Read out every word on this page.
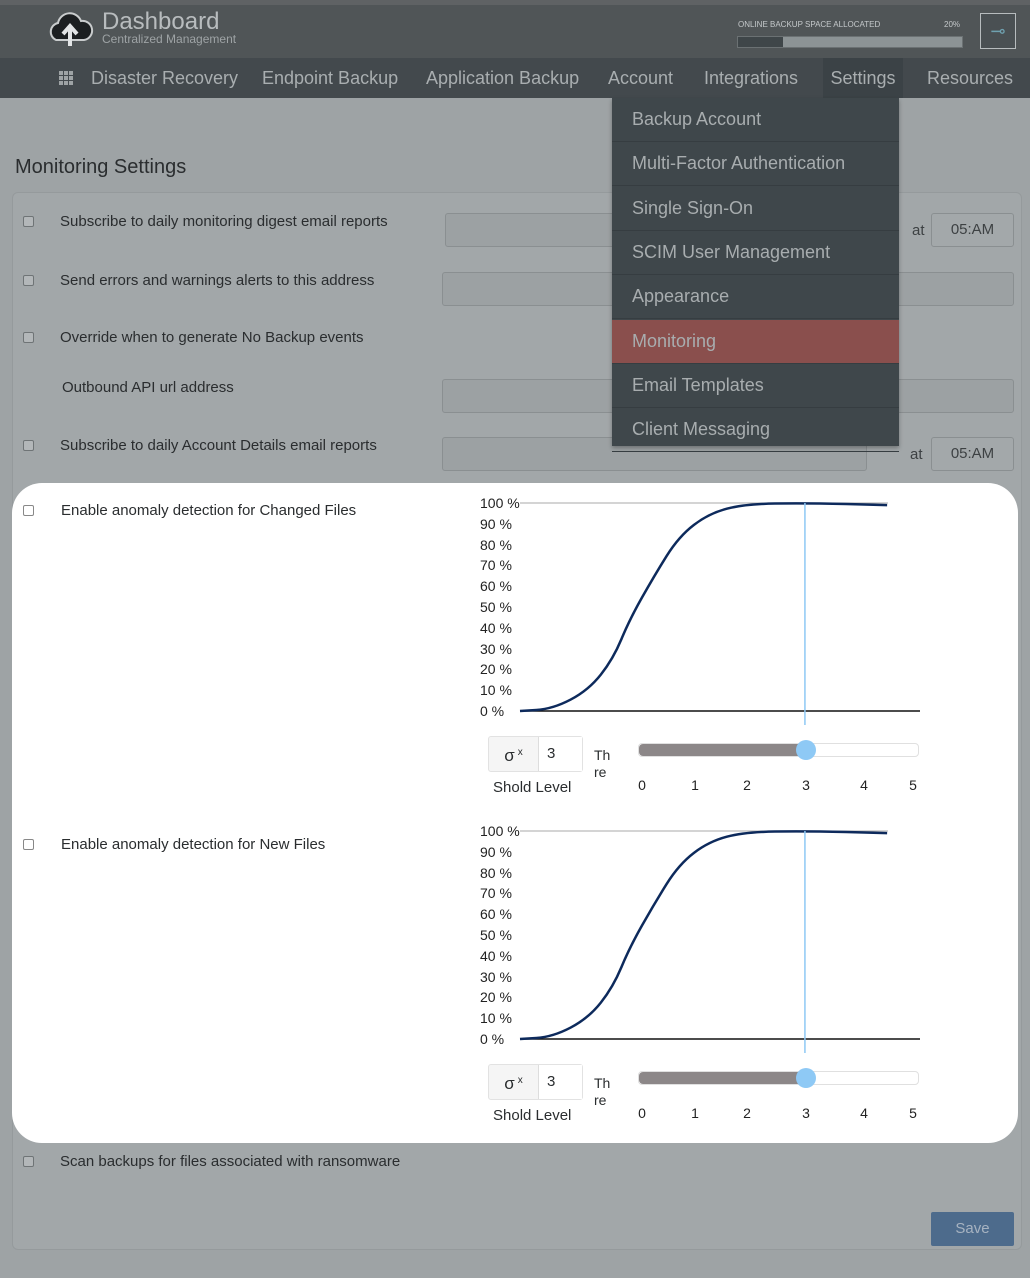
Dashboard
Centralized Management
ONLINE BACKUP SPACE ALLOCATED	20% ⊸
Disaster Recovery Endpoint Backup Application Backup Account Integrations	Settings	Resources
Monitoring Settings
Subscribe to daily monitoring digest email reports
at	05:AM
Send errors and warnings alerts to this address
Override when to generate No Backup events
Outbound API url address
Subscribe to daily Account Details email reports
at	05:AM
Enable anomaly detection for Changed Files
Enable anomaly detection for New Files
100 %
90 %
80 %
70 %
60 %
50 %
40 %
30 %
20 %
10 %
0 %
σ $_x$	3	Th
re
Shold Level	0	1	2	3	4	5
100 %
90 %
80 %
70 %
60 %
50 %
40 %
30 %
20 %
10 %
0 %
σ $_x$	3	Th
re
Shold Level	0	1	2	3	4	5
Scan backups for files associated with ransomware
Save
Backup Account
Multi-Factor Authentication
Single Sign-On
SCIM User Management
Appearance
Monitoring
Email Templates
Client Messaging
